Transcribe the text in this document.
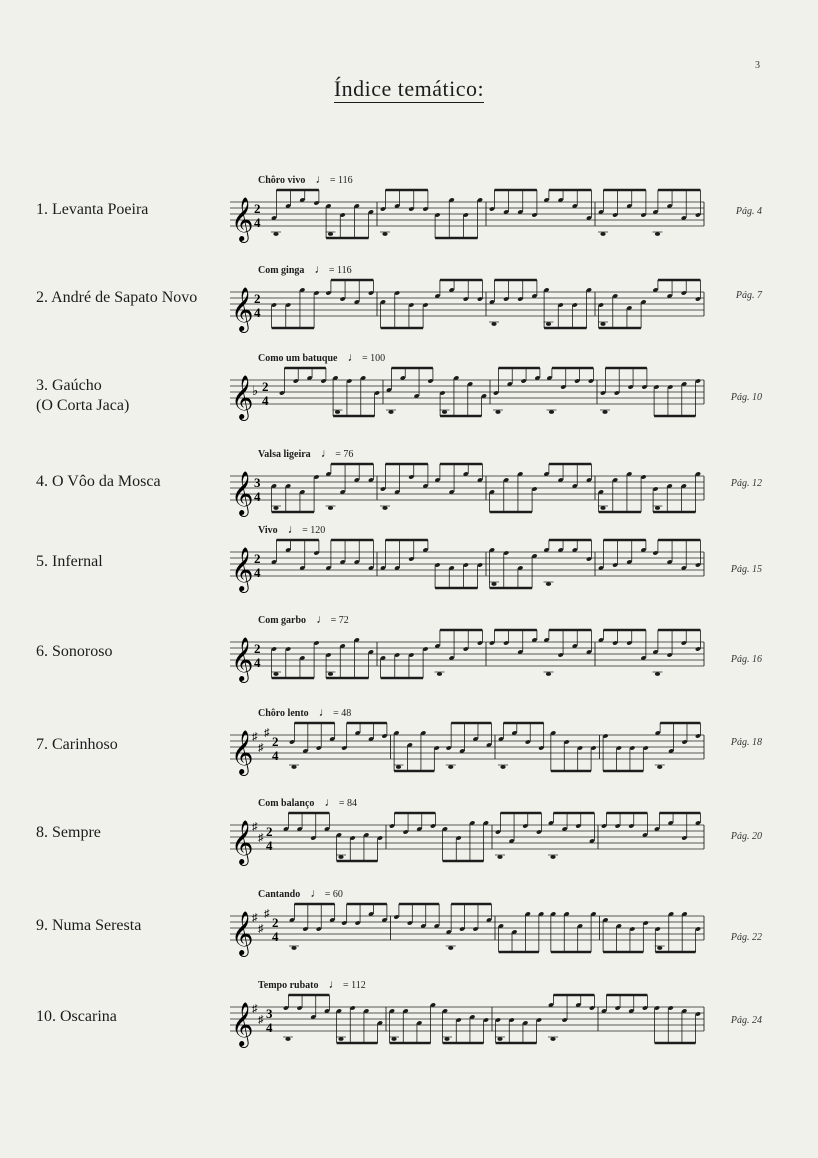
3
Índice temático:
1. Levanta Poeira
Chôro vivo ♩ = 116
𝄞 2
4
Pág. 4
2. André de Sapato Novo
Com ginga ♩ = 116
𝄞 2
4
Pág. 7
3. Gaúcho
(O Corta Jaca)
Como um batuque ♩ = 100
𝄞
♭ 2
4	Pág. 10
4. O Vôo da Mosca
Valsa ligeira ♩ = 76
𝄞 3
4
Pág. 12
5. Infernal
Vivo ♩ = 120
𝄞 2
4	Pág. 15
6. Sonoroso
Com garbo ♩ = 72
𝄞 2
4	Pág. 16
7. Carinhoso
Chôro lento ♩ = 48
𝄞
♯
♯
♯
2
4
Pág. 18
8. Sempre
Com balanço ♩ = 84
𝄞
♯
♯ 2
4
Pág. 20
9. Numa Seresta
Cantando ♩ = 60
𝄞
♯
♯
♯
2
4	Pág. 22
10. Oscarina
Tempo rubato ♩ = 112
𝄞
♯
♯ 3
4	Pág. 24
